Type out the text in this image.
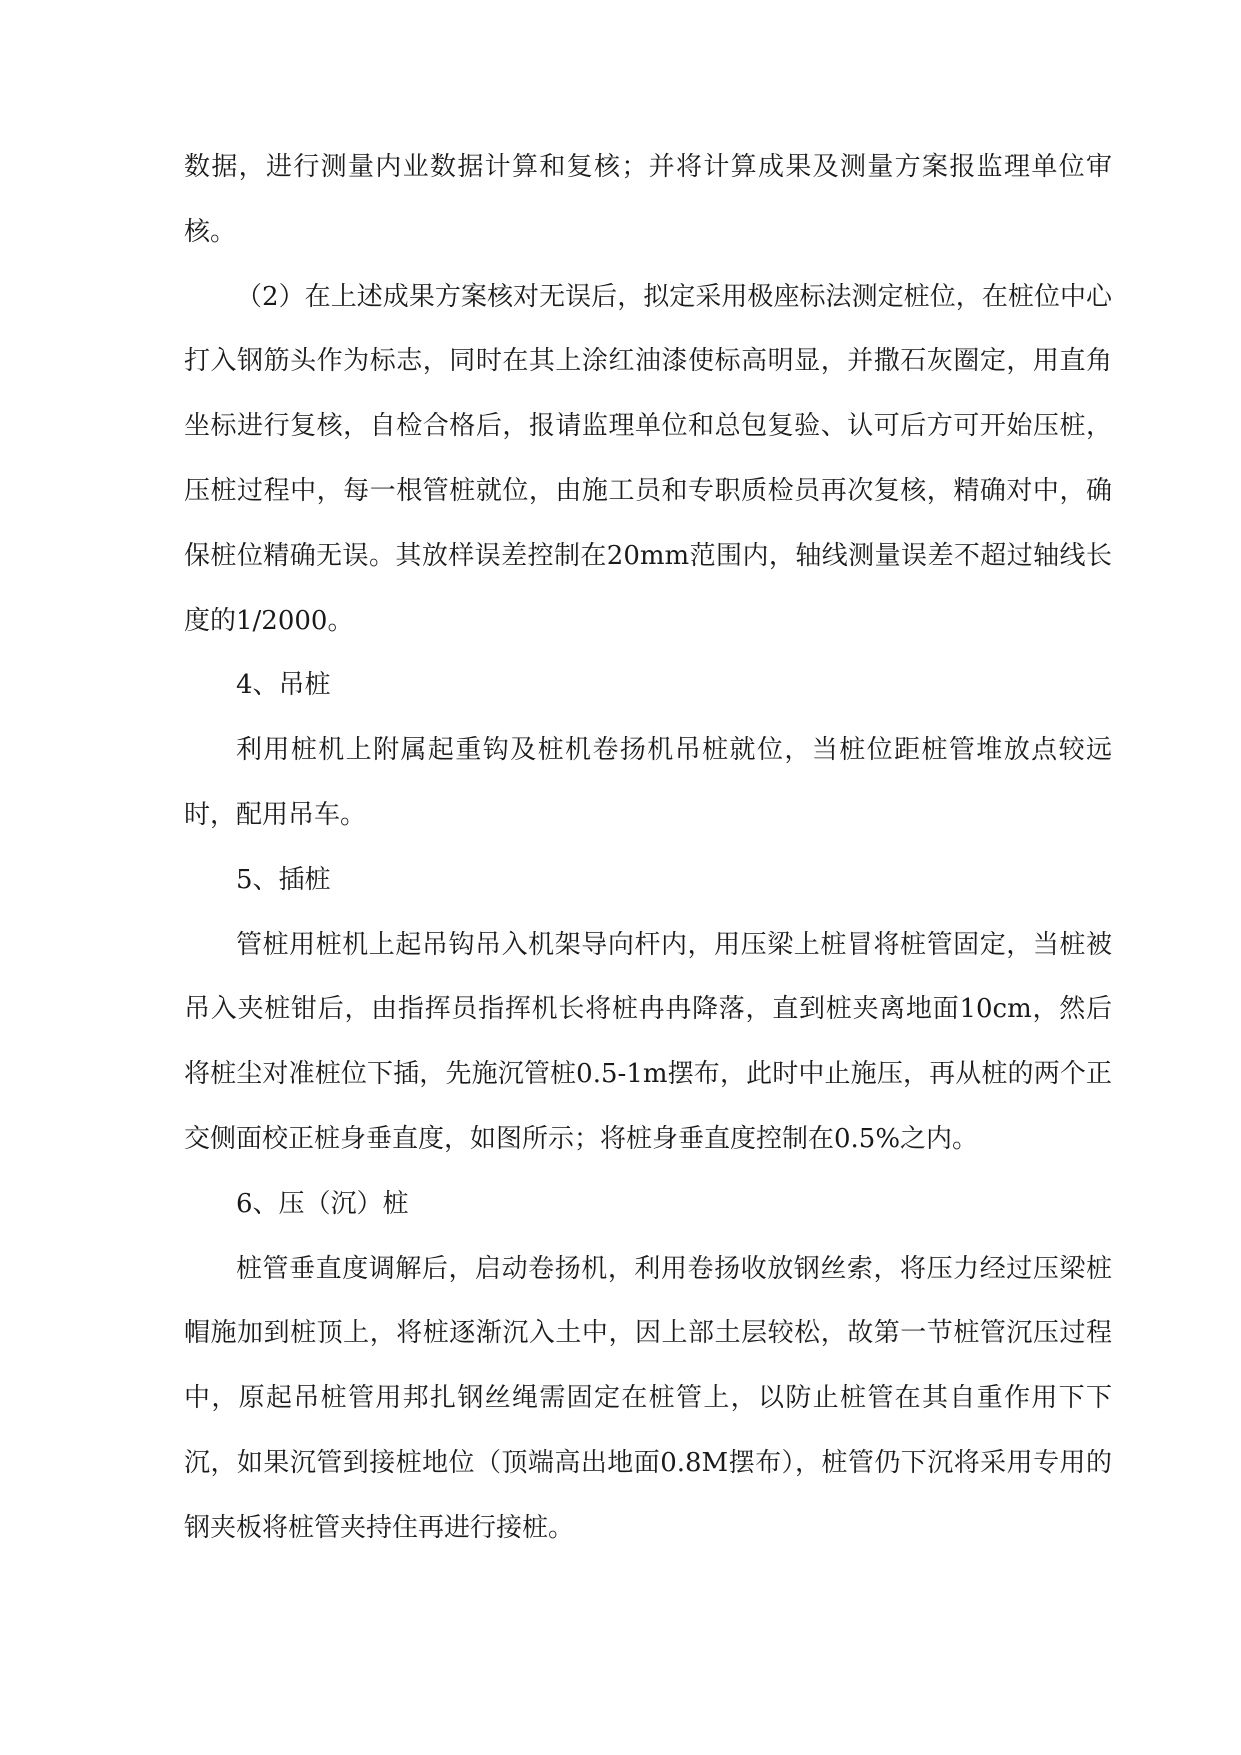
数据，进行测量内业数据计算和复核；并将计算成果及测量方案报监理单位审核。

（2）在上述成果方案核对无误后，拟定采用极座标法测定桩位，在桩位中心打入钢筋头作为标志，同时在其上涂红油漆使标高明显，并撒石灰圈定，用直角坐标进行复核，自检合格后，报请监理单位和总包复验、认可后方可开始压桩，压桩过程中，每一根管桩就位，由施工员和专职质检员再次复核，精确对中，确保桩位精确无误。其放样误差控制在20mm范围内，轴线测量误差不超过轴线长度的1/2000。

4、吊桩

利用桩机上附属起重钩及桩机卷扬机吊桩就位，当桩位距桩管堆放点较远时，配用吊车。

5、插桩

管桩用桩机上起吊钩吊入机架导向杆内，用压梁上桩冒将桩管固定，当桩被吊入夹桩钳后，由指挥员指挥机长将桩冉冉降落，直到桩夹离地面10cm，然后将桩尘对准桩位下插，先施沉管桩0.5-1m摆布，此时中止施压，再从桩的两个正交侧面校正桩身垂直度，如图所示；将桩身垂直度控制在0.5%之内。

6、压（沉）桩

桩管垂直度调解后，启动卷扬机，利用卷扬收放钢丝索，将压力经过压梁桩帽施加到桩顶上，将桩逐渐沉入土中，因上部土层较松，故第一节桩管沉压过程中，原起吊桩管用邦扎钢丝绳需固定在桩管上，以防止桩管在其自重作用下下沉，如果沉管到接桩地位（顶端高出地面0.8M摆布），桩管仍下沉将采用专用的钢夹板将桩管夹持住再进行接桩。
